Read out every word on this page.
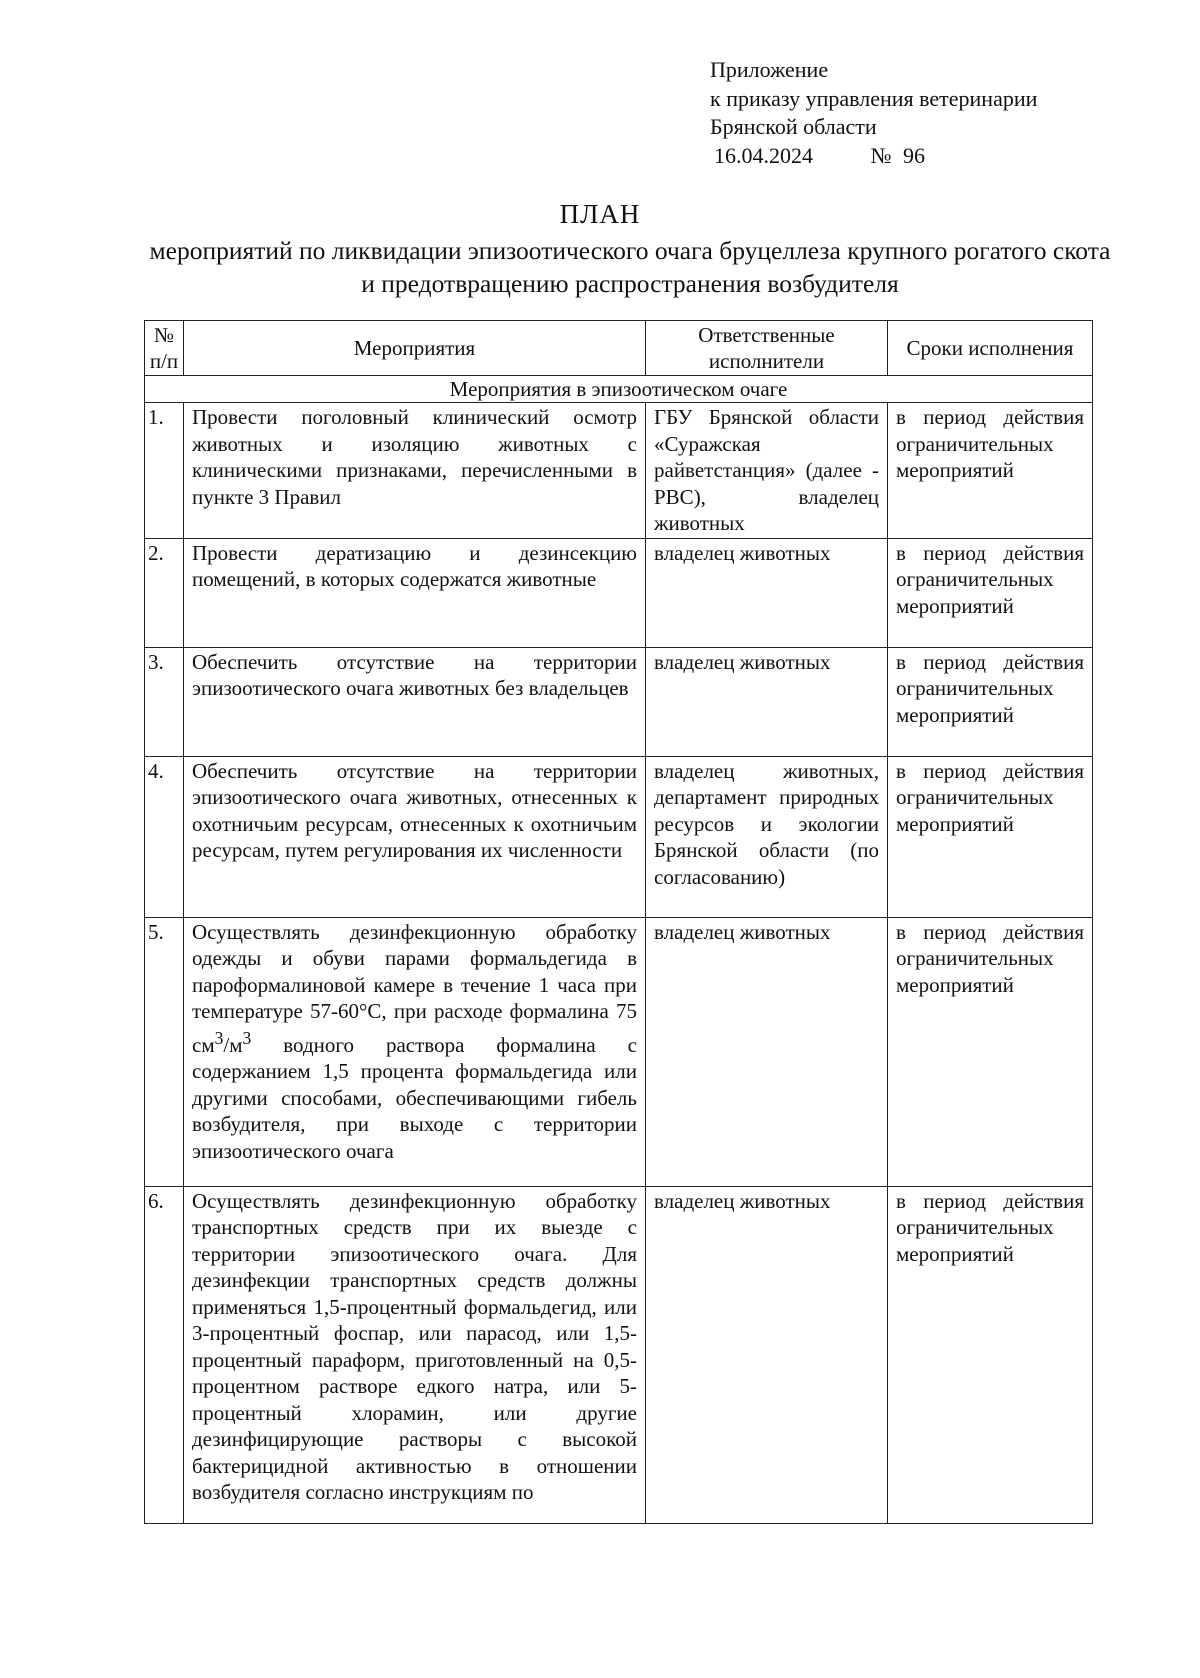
Приложение
к приказу управления ветеринарии
Брянской области
16.04.2024	№ 96
ПЛАН
мероприятий по ликвидации эпизоотического очага бруцеллеза крупного рогатого скота и предотвращению распространения возбудителя
№ п/п	Мероприятия	Ответственные исполнители	Сроки исполнения
Мероприятия в эпизоотическом очаге			
1.	Провести поголовный клинический осмотр животных и изоляцию животных с клиническими признаками, перечисленными в пункте 3 Правил	ГБУ Брянской области «Суражская райветстанция» (далее - РВС), владелец животных	в период действия ограничительных мероприятий
2.	Провести дератизацию и дезинсекцию помещений, в которых содержатся животные	владелец животных	в период действия ограничительных мероприятий
3.	Обеспечить отсутствие на территории эпизоотического очага животных без владельцев	владелец животных	в период действия ограничительных мероприятий
4.	Обеспечить отсутствие на территории эпизоотического очага животных, отнесенных к охотничьим ресурсам, отнесенных к охотничьим ресурсам, путем регулирования их численности	владелец животных, департамент природных ресурсов и экологии Брянской области (по согласованию)	в период действия ограничительных мероприятий
5.	Осуществлять дезинфекционную обработку одежды и обуви парами формальдегида в пароформалиновой камере в течение 1 часа при температуре 57-60°С, при расходе формалина 75 $см^3/м^3$ водного раствора формалина с содержанием 1,5 процента формальдегида или другими способами, обеспечивающими гибель возбудителя, при выходе с территории эпизоотического очага	владелец животных	в период действия ограничительных мероприятий
6.	Осуществлять дезинфекционную обработку транспортных средств при их выезде с территории эпизоотического очага. Для дезинфекции транспортных средств должны применяться 1,5-процентный формальдегид, или 3-процентный фоспар, или парасод, или 1,5-процентный параформ, приготовленный на 0,5-процентном растворе едкого натра, или 5-процентный хлорамин, или другие дезинфицирующие растворы с высокой бактерицидной активностью в отношении возбудителя согласно инструкциям по	владелец животных	в период действия ограничительных мероприятий
